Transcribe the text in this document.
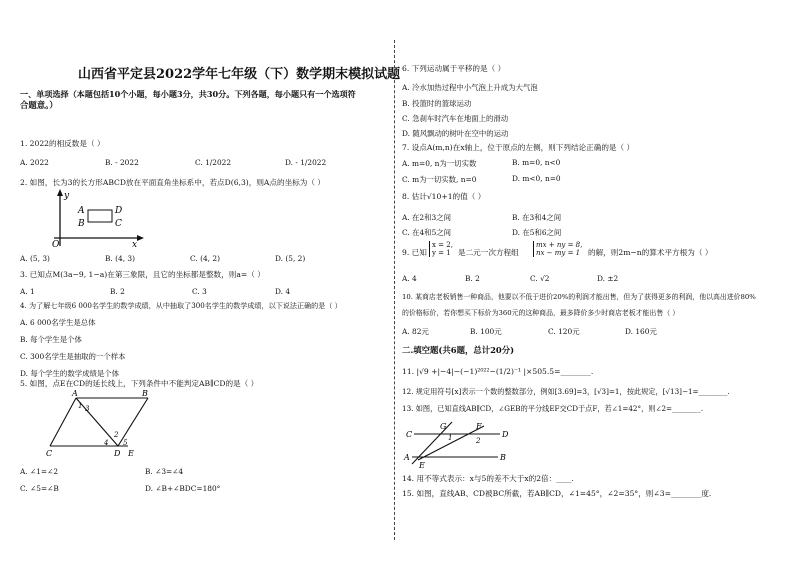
山西省平定县2022学年七年级（下）数学期末模拟试题
一、单项选择（本题包括10个小题，每小题3分，共30分。下列各题，每小题只有一个选项符
合题意。）
1. 2022的相反数是（ ）
A. 2022	B. - 2022	C. 1/2022	D. - 1/2022
2. 如图，长为3的长方形ABCD放在平面直角坐标系中，若点D(6,3)，则A点的坐标为（ ）
y
A	D
B	C
O	x
A. (5, 3)	B. (4, 3)	C. (4, 2)	D. (5, 2)
3. 已知点M(3a−9, 1−a)在第三象限，且它的坐标都是整数，则a=（ ）
A. 1	B. 2	C. 3	D. 4
4. 为了解七年级6 000名学生的数学成绩，从中抽取了300名学生的数学成绩，以下说法正确的是（ ）
A. 6 000名学生是总体
B. 每个学生是个体
C. 300名学生是抽取的一个样本
D. 每个学生的数学成绩是个体
5. 如图，点E在CD的延长线上，下列条件中不能判定AB∥CD的是（ ）
A	B
1 3
2
4 5
C	D E
A. ∠1=∠2	B. ∠3=∠4
C. ∠5=∠B	D. ∠B+∠BDC=180°
6. 下列运动属于平移的是（ ）
A. 冷水加热过程中小气泡上升成为大气泡
B. 投篮时的篮球运动
C. 急刹车时汽车在地面上的滑动
D. 随风飘动的树叶在空中的运动
7. 设点A(m,n)在x轴上，位于原点的左侧，则下列结论正确的是（ ）
A. m=0, n为一切实数	B. m=0, n<0
C. m为一切实数, n=0	D. m<0, n=0
8. 估计√10+1的值（ ）
A. 在2和3之间	B. 在3和4之间
C. 在4和5之间	D. 在5和6之间
9. 已知
x = 2,
y = 1 是二元一次方程组
mx + ny = 8,
nx − my = 1 的解，则2m−n的算术平方根为（ ）
A. 4	B. 2	C. √2	D. ±2
10. 某商店老板销售一种商品，他要以不低于进价20%的利润才能出售，但为了获得更多的利润，他以高出进价80%
的价格标价，若你想买下标价为360元的这种商品，最多降价多少时商店老板才能出售（ ）
A. 82元	B. 100元	C. 120元	D. 160元
二.填空题(共6题，总计20分)
11. |√9 +|−4|−(−1)²⁰²²−(1/2)⁻¹ |×505.5=________.
12. 规定用符号[x]表示一个数的整数部分，例如[3.69]=3，[√3]=1，按此规定，[√13]−1=________.
13. 如图，已知直线AB∥CD，∠GEB的平分线EF交CD于点F，若∠1=42°，则∠2=________.
C
G
1
F
2
D
A
E
B
14. 用不等式表示：x与5的差不大于x的2倍：____.
15. 如图，直线AB、CD被BC所截，若AB∥CD，∠1=45°，∠2=35°，则∠3=________度.
